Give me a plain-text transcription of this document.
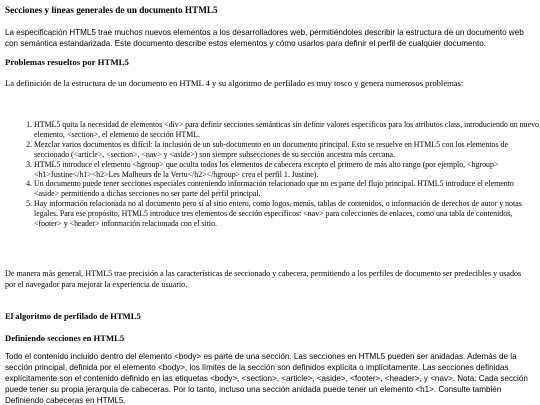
Secciones y líneas generales de un documento HTML5

La especificación HTML5 trae muchos nuevos elementos a los desarrolladores web, permitiéndoles describir la estructura de un documento web con semántica estandarizada. Este documento describe estos elementos y cómo usarlos para definir el perfil de cualquier documento.

Problemas resueltos por HTML5

La definición de la estructura de un documento en HTML 4 y su algoritmo de perfilado es muy tosco y genera numerosos problemas:

1. HTML5 quita la necesidad de elementos <div> para definir secciones semánticas sin definir valores específicos para los atributos class, introduciendo un nuevo elemento, <section>, el elemento de sección HTML.
2. Mezclar varios documentos es difícil: la inclusión de un sub-documento en un documento principal. Esto se resuelve en HTML5 con los elementos de seccionado (<article>, <section>, <nav> y <aside>) son siempre subsecciones de su sección ancestra más cercana.
3. HTML5 introduce el elemento <hgroup> que oculta todos los elementos de cabecera excepto el primero de más alto rango (por ejemplo, <hgroup><h1>Justine</h1><h2>Les Malheurs de la Vertu</h2></hgroup> crea el perfil 1. Justine).
4. Un documento puede tener secciones especiales conteniendo información relacionado que no es parte del flujo principal. HTML5 introduce el elemento <aside> permitiendo a dichas secciones no ser parte del perfil principal.
5. Hay información relacionada no al documento pero sí al sitio entero, como logos, menús, tablas de contenidos, o información de derechos de autor y notas legales. Para ese propósito, HTML5 introduce tres elementos de sección específicos: <nav> para colecciones de enlaces, como una tabla de contenidos, <footer> y <header> información relacionada con el sitio.

De manera más general, HTML5 trae precisión a las características de seccionado y cabecera, permitiendo a los perfiles de documento ser predecibles y usados por el navegador para mejorar la experiencia de usuario.

El algoritmo de perfilado de HTML5
Definiendo secciones en HTML5

Todo el contenido incluido dentro del elemento <body> es parte de una sección. Las secciones en HTML5 pueden ser anidadas. Además de la sección principal, definida por el elemento <body>, los límites de la sección son definidos explícita o implícitamente. Las secciones definidas explícitamente son el contenido definido en las etiquetas <body>, <section>, <article>, <aside>, <footer>, <header>, y <nav>. Nota: Cada sección puede tener su propia jerarquía de cabeceras. Por lo tanto, incluso una sección anidada puede tener un elemento <h1>. Consulte también Definiendo cabeceras en HTML5.
